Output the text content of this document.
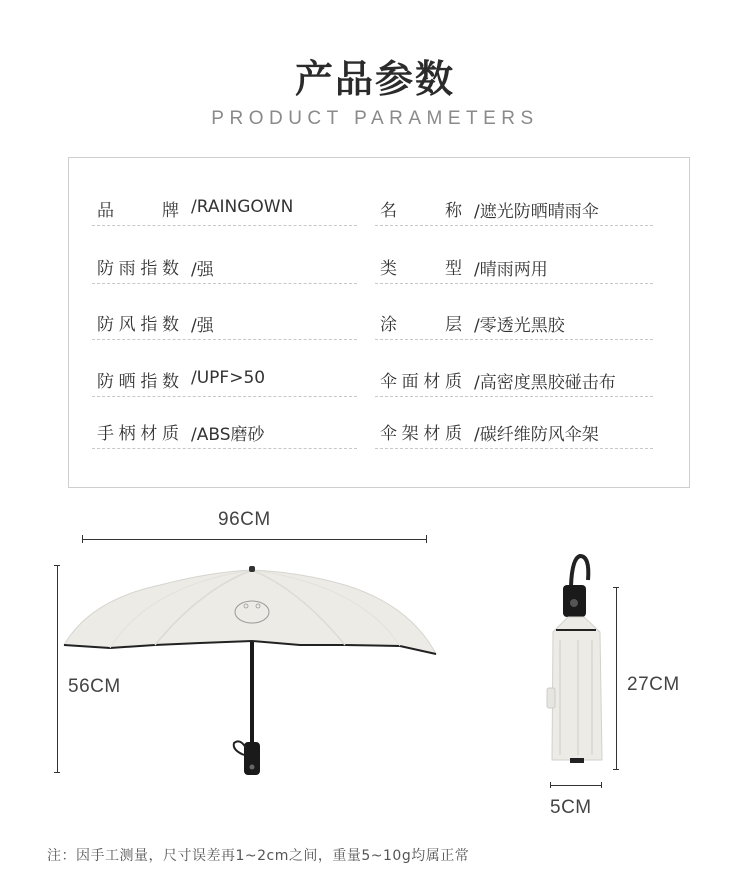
产品参数
PRODUCT PARAMETERS
品牌 /RAINGOWN	名称 /遮光防晒晴雨伞
防雨指数 /强	类型 /晴雨两用
防风指数 /强	涂层 /零透光黑胶
防晒指数 /UPF>50	伞面材质 /高密度黑胶碰击布
手柄材质 /ABS磨砂	伞架材质 /碳纤维防风伞架
96CM
56CM	27CM
5CM
注：因手工测量，尺寸误差再1~2cm之间，重量5~10g均属正常
